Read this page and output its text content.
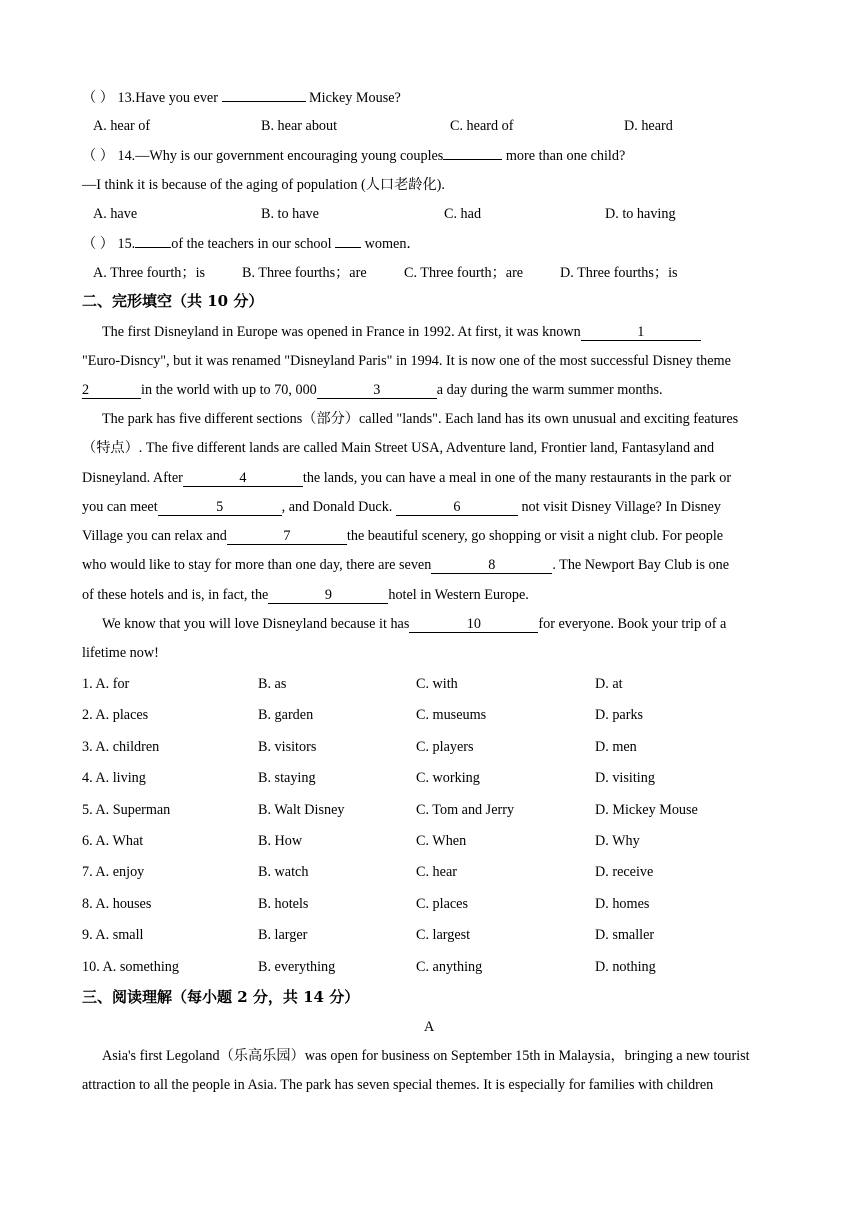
（ ） 13.Have you ever	Mickey Mouse?
A. hear of	B. hear about	C. heard of	D. heard
（ ） 14.—Why is our government encouraging young couples	more than one child?
—I think it is because of the aging of population (人口老龄化).
A. have	B. to have	C. had	D. to having
（ ） 15.	of the teachers in our school  women．
A. Three fourth；is	B. Three fourths；are	C. Three fourth；are	D. Three fourths；is
二、完形填空（共 10 分）
The first Disneyland in Europe was opened in France in 1992. At first, it was known	1
"Euro-Disncy", but it was renamed "Disneyland Paris" in 1994. It is now one of the most successful Disney theme
2	in the world with up to 70, 000	3	a day during the warm summer months.
The park has five different sections（部分）called "lands". Each land has its own unusual and exciting features
（特点）. The five different lands are called Main Street USA, Adventure land, Frontier land, Fantasyland and
Disneyland. After	4	the lands, you can have a meal in one of the many restaurants in the park or
you can meet	5	, and Donald Duck.	6	not visit Disney Village? In Disney
Village you can relax and	7	the beautiful scenery, go shopping or visit a night club. For people
who would like to stay for more than one day, there are seven	8	. The Newport Bay Club is one
of these hotels and is, in fact, the	9	hotel in Western Europe.
We know that you will love Disneyland because it has	10	for everyone. Book your trip of a
lifetime now!
1. A. for	B. as	C. with	D. at
2. A. places	B. garden	C. museums	D. parks
3. A. children	B. visitors	C. players	D. men
4. A. living	B. staying	C. working	D. visiting
5. A. Superman	B. Walt Disney	C. Tom and Jerry	D. Mickey Mouse
6. A. What	B. How	C. When	D. Why
7. A. enjoy	B. watch	C. hear	D. receive
8. A. houses	B. hotels	C. places	D. homes
9. A. small	B. larger	C. largest	D. smaller
10. A. something	B. everything	C. anything	D. nothing
三、阅读理解（每小题 2 分，共 14 分）
A
Asia's first Legoland（乐高乐园）was open for business on September 15th in Malaysia，bringing a new tourist
attraction to all the people in Asia. The park has seven special themes. It is especially for families with children
